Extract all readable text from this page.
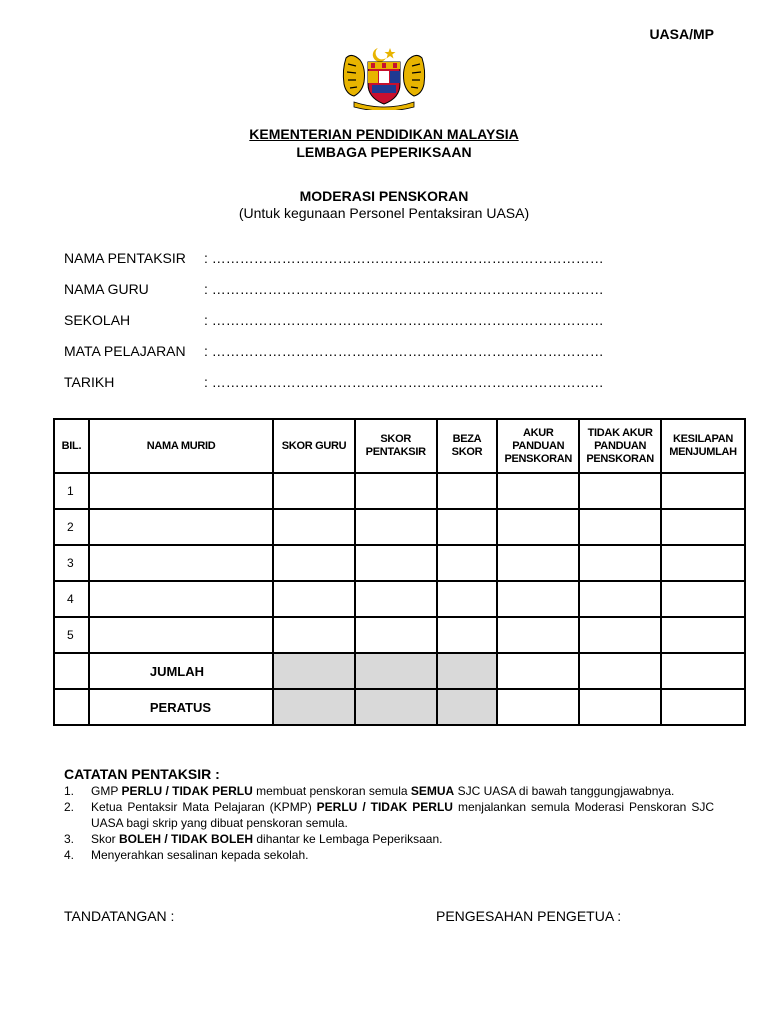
UASA/MP
KEMENTERIAN PENDIDIKAN MALAYSIA
LEMBAGA PEPERIKSAAN
MODERASI PENSKORAN
(Untuk kegunaan Personel Pentaksiran UASA)
NAMA PENTAKSIR : …………………………………………………………………………
NAMA GURU	: …………………………………………………………………………
SEKOLAH	: …………………………………………………………………………
MATA PELAJARAN : …………………………………………………………………………
TARIKH	: …………………………………………………………………………
BIL.	NAMA MURID	SKOR GURU	SKOR PENTAKSIR	BEZA SKOR	AKUR PANDUAN PENSKORAN	TIDAK AKUR PANDUAN PENSKORAN	KESILAPAN MENJUMLAH
1							
2							
3							
4							
5							
	JUMLAH						
	PERATUS						
CATATAN PENTAKSIR :
1.	GMP PERLU / TIDAK PERLU membuat penskoran semula SEMUA SJC UASA di bawah tanggungjawabnya.
2.	Ketua Pentaksir Mata Pelajaran (KPMP) PERLU / TIDAK PERLU menjalankan semula Moderasi Penskoran SJC UASA bagi skrip yang dibuat penskoran semula.
3.	Skor BOLEH / TIDAK BOLEH dihantar ke Lembaga Peperiksaan.
4.	Menyerahkan sesalinan kepada sekolah.
TANDATANGAN :	PENGESAHAN PENGETUA :
